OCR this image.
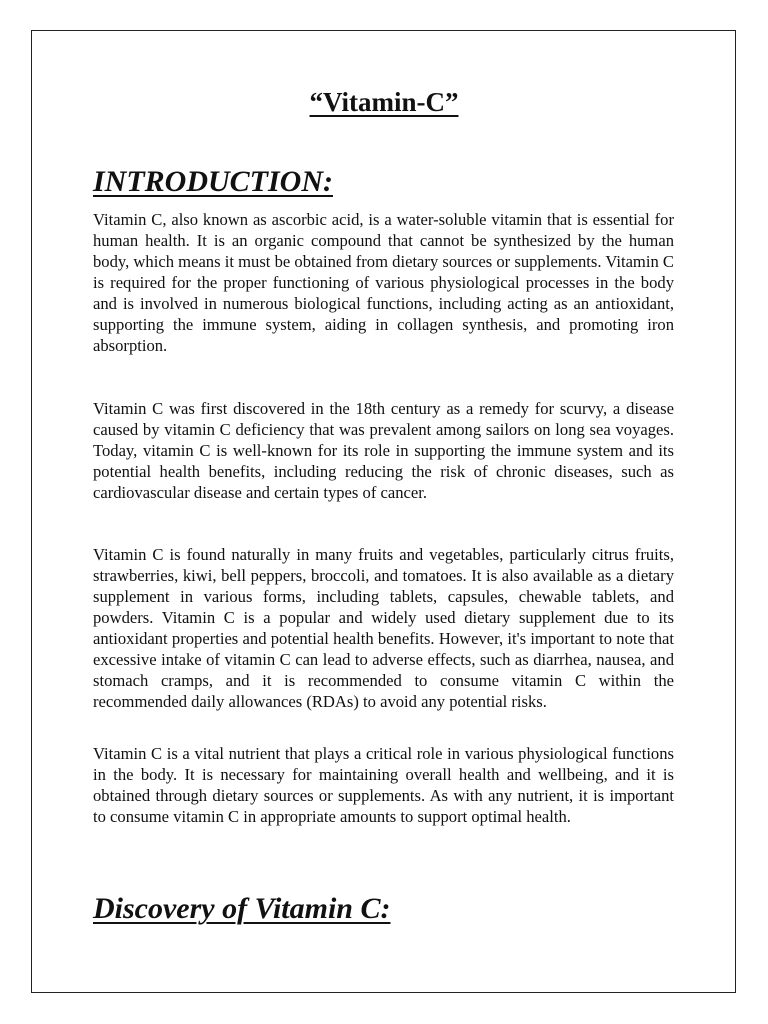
“Vitamin-C”
INTRODUCTION:

Vitamin C, also known as ascorbic acid, is a water-soluble vitamin that is essential for human health. It is an organic compound that cannot be synthesized by the human body, which means it must be obtained from dietary sources or supplements. Vitamin C is required for the proper functioning of various physiological processes in the body and is involved in numerous biological functions, including acting as an antioxidant, supporting the immune system, aiding in collagen synthesis, and promoting iron absorption.

Vitamin C was first discovered in the 18th century as a remedy for scurvy, a disease caused by vitamin C deficiency that was prevalent among sailors on long sea voyages. Today, vitamin C is well-known for its role in supporting the immune system and its potential health benefits, including reducing the risk of chronic diseases, such as cardiovascular disease and certain types of cancer.

Vitamin C is found naturally in many fruits and vegetables, particularly citrus fruits, strawberries, kiwi, bell peppers, broccoli, and tomatoes. It is also available as a dietary supplement in various forms, including tablets, capsules, chewable tablets, and powders. Vitamin C is a popular and widely used dietary supplement due to its antioxidant properties and potential health benefits. However, it's important to note that excessive intake of vitamin C can lead to adverse effects, such as diarrhea, nausea, and stomach cramps, and it is recommended to consume vitamin C within the recommended daily allowances (RDAs) to avoid any potential risks.

Vitamin C is a vital nutrient that plays a critical role in various physiological functions in the body. It is necessary for maintaining overall health and wellbeing, and it is obtained through dietary sources or supplements. As with any nutrient, it is important to consume vitamin C in appropriate amounts to support optimal health.

Discovery of Vitamin C:
